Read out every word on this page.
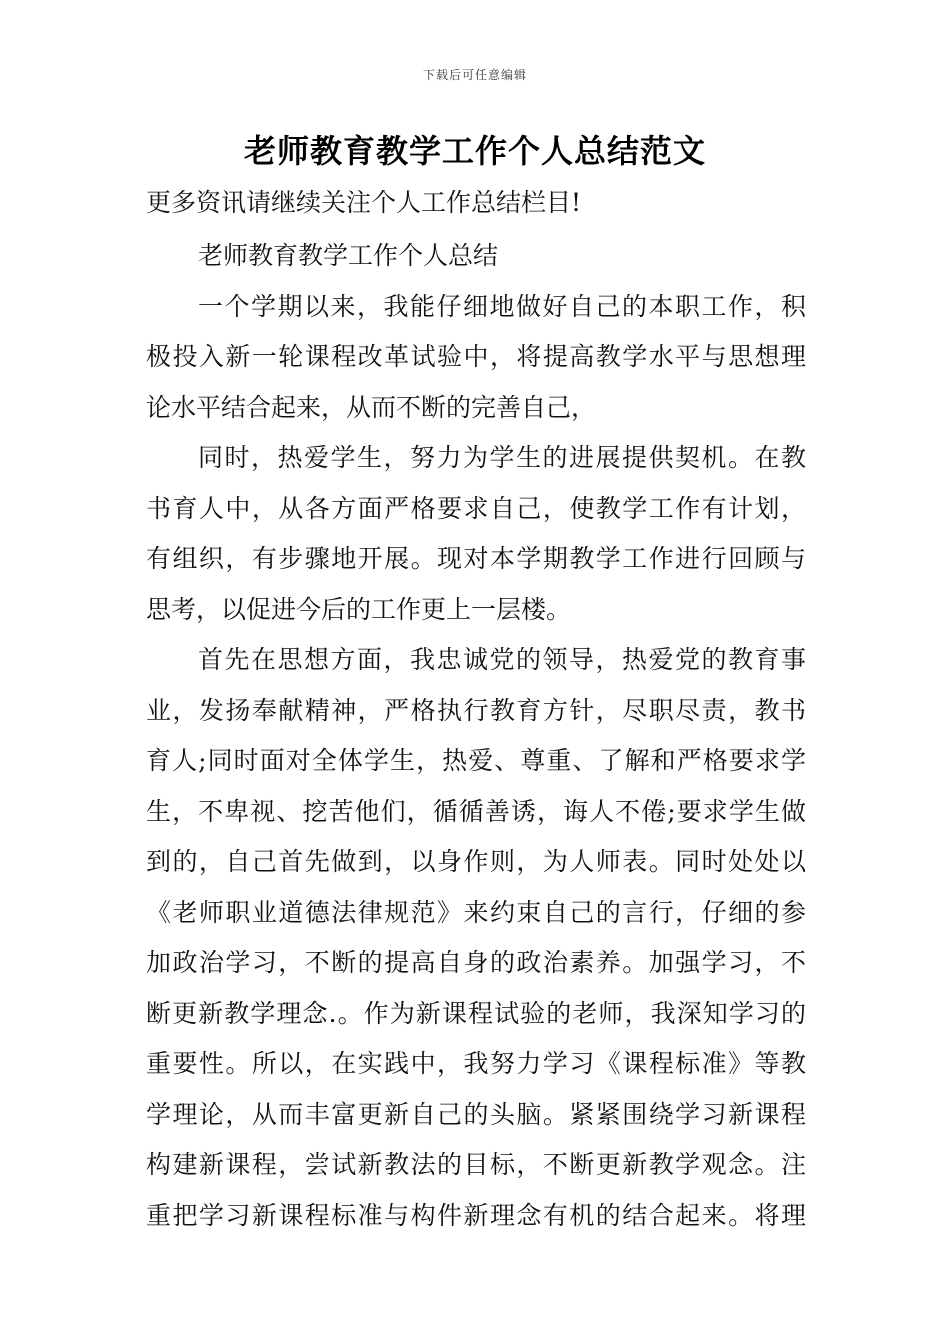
下载后可任意编辑
老师教育教学工作个人总结范文
更多资讯请继续关注个人工作总结栏目!
老师教育教学工作个人总结
一个学期以来，我能仔细地做好自己的本职工作，积
极投入新一轮课程改革试验中，将提高教学水平与思想理
论水平结合起来，从而不断的完善自己，
同时，热爱学生，努力为学生的进展提供契机。在教
书育人中，从各方面严格要求自己，使教学工作有计划，
有组织，有步骤地开展。现对本学期教学工作进行回顾与
思考，以促进今后的工作更上一层楼。
首先在思想方面，我忠诚党的领导，热爱党的教育事
业，发扬奉献精神，严格执行教育方针，尽职尽责，教书
育人;同时面对全体学生，热爱、尊重、了解和严格要求学
生，不卑视、挖苦他们，循循善诱，诲人不倦;要求学生做
到的，自己首先做到，以身作则，为人师表。同时处处以
《老师职业道德法律规范》来约束自己的言行，仔细的参
加政治学习，不断的提高自身的政治素养。加强学习，不
断更新教学理念.。作为新课程试验的老师，我深知学习的
重要性。所以，在实践中，我努力学习《课程标准》等教
学理论，从而丰富更新自己的头脑。紧紧围绕学习新课程
构建新课程，尝试新教法的目标，不断更新教学观念。注
重把学习新课程标准与构件新理念有机的结合起来。将理
